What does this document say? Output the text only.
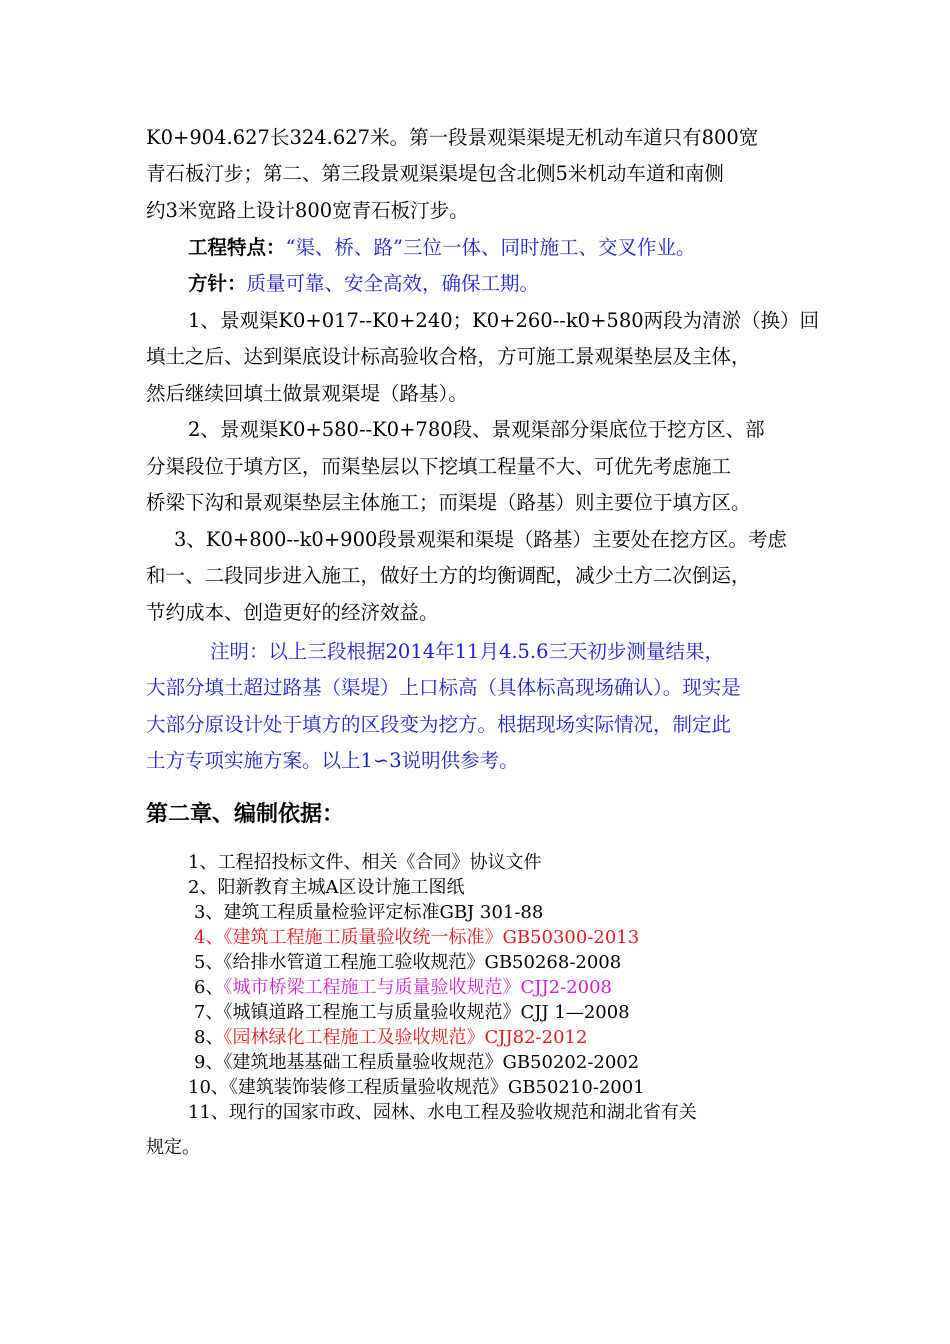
K0+904.627长324.627米。第一段景观渠渠堤无机动车道只有800宽
青石板汀步；第二、第三段景观渠渠堤包含北侧5米机动车道和南侧
约3米宽路上设计800宽青石板汀步。
工程特点：“渠、桥、路”三位一体、同时施工、交叉作业。
方针：质量可靠、安全高效，确保工期。
1、景观渠K0+017--K0+240；K0+260--k0+580两段为清淤（换）回
填土之后、达到渠底设计标高验收合格，方可施工景观渠垫层及主体，
然后继续回填土做景观渠堤（路基）。
2、景观渠K0+580--K0+780段、景观渠部分渠底位于挖方区、部
分渠段位于填方区，而渠垫层以下挖填工程量不大、可优先考虑施工
桥梁下沟和景观渠垫层主体施工；而渠堤（路基）则主要位于填方区。
3、K0+800--k0+900段景观渠和渠堤（路基）主要处在挖方区。考虑
和一、二段同步进入施工，做好土方的均衡调配，减少土方二次倒运，
节约成本、创造更好的经济效益。
注明：以上三段根据2014年11月4.5.6三天初步测量结果，
大部分填土超过路基（渠堤）上口标高（具体标高现场确认）。现实是
大部分原设计处于填方的区段变为挖方。根据现场实际情况，制定此
土方专项实施方案。以上1∽3说明供参考。
第二章、编制依据：
1、工程招投标文件、相关《合同》协议文件
2、阳新教育主城A区设计施工图纸
3、建筑工程质量检验评定标准GBJ 301-88
4、《建筑工程施工质量验收统一标准》GB50300-2013
5、《给排水管道工程施工验收规范》GB50268-2008
6、《城市桥梁工程施工与质量验收规范》CJJ2-2008
7、《城镇道路工程施工与质量验收规范》CJJ 1—2008
8、《园林绿化工程施工及验收规范》CJJ82-2012
9、《建筑地基基础工程质量验收规范》GB50202-2002
10、《建筑装饰装修工程质量验收规范》GB50210-2001
11、现行的国家市政、园林、水电工程及验收规范和湖北省有关
规定。
